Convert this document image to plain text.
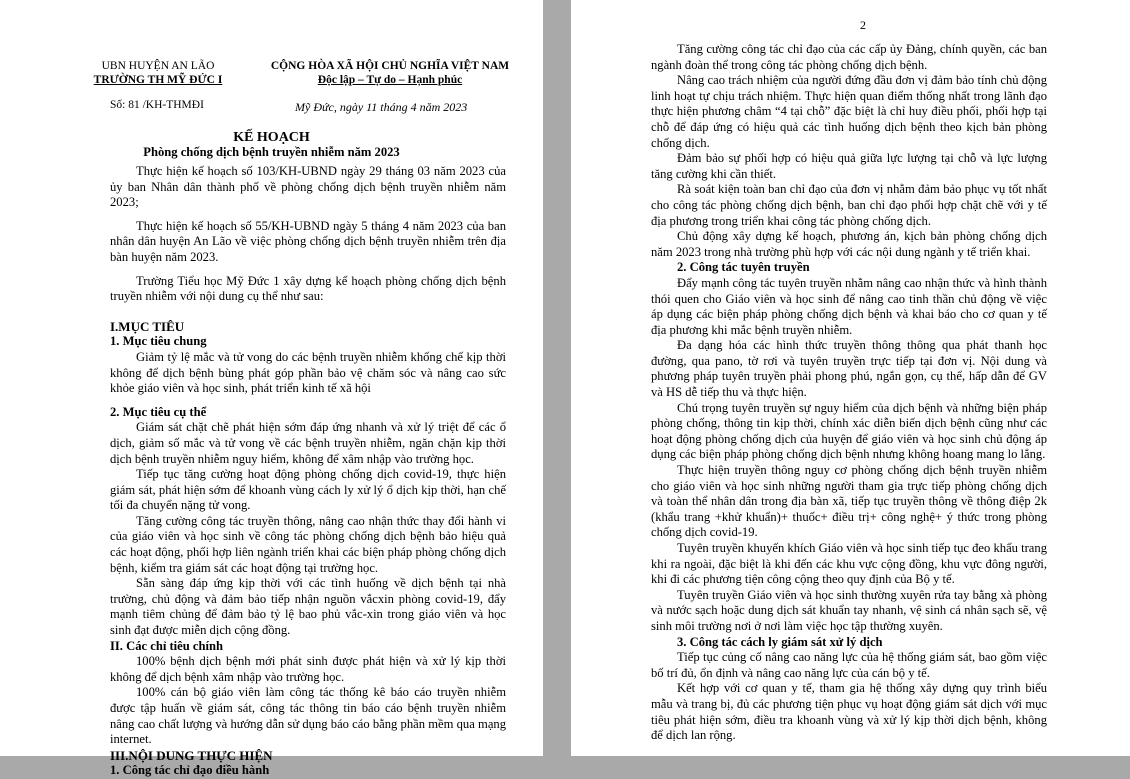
UBN HUYỆN AN LÃO
TRƯỜNG TH MỸ ĐỨC I
Số: 81 /KH-THMĐI
CỘNG HÒA XÃ HỘI CHỦ NGHĨA VIỆT NAM
Độc lập – Tự do – Hạnh phúc
Mỹ Đức, ngày 11 tháng 4 năm 2023
KẾ HOẠCH
Phòng chống dịch bệnh truyền nhiễm năm 2023

Thực hiện kế hoạch số 103/KH-UBND ngày 29 tháng 03 năm 2023 của ủy ban Nhân dân thành phố về phòng chống dịch bệnh truyền nhiễm năm 2023;

Thực hiện kế hoạch số 55/KH-UBND ngày 5 tháng 4 năm 2023 của ban nhân dân huyện An Lão về việc phòng chống dịch bệnh truyền nhiễm trên địa bàn huyện năm 2023.

Trường Tiểu học Mỹ Đức 1 xây dựng kế hoạch phòng chống dịch bệnh truyền nhiễm với nội dung cụ thể như sau:

I.MỤC TIÊU

1. Mục tiêu chung

Giảm tỷ lệ mắc và tử vong do các bệnh truyền nhiễm khống chế kịp thời không để dịch bệnh bùng phát góp phần bảo vệ chăm sóc và nâng cao sức khỏe giáo viên và học sinh, phát triển kinh tế xã hội

2. Mục tiêu cụ thể

Giám sát chặt chẽ phát hiện sớm đáp ứng nhanh và xử lý triệt để các ổ dịch, giảm số mắc và tử vong về các bệnh truyền nhiễm, ngăn chặn kịp thời dịch bệnh truyền nhiễm nguy hiểm, không để xâm nhập vào trường học.

Tiếp tục tăng cường hoạt động phòng chống dịch covid-19, thực hiện giám sát, phát hiện sớm để khoanh vùng cách ly xử lý ổ dịch kịp thời, hạn chế tối đa chuyển nặng tử vong.

Tăng cường công tác truyền thông, nâng cao nhận thức thay đổi hành vi của giáo viên và học sinh về công tác phòng chống dịch bệnh bảo hiệu quả các hoạt động, phối hợp liên ngành triển khai các biện pháp phòng chống dịch bệnh, kiểm tra giám sát các hoạt động tại trường học.

Sẵn sàng đáp ứng kịp thời với các tình huống về dịch bệnh tại nhà trường, chủ động và đảm bảo tiếp nhận nguồn vắcxin phòng covid-19, đẩy mạnh tiêm chủng để đảm bảo tỷ lệ bao phủ vắc-xin trong giáo viên và học sinh đạt được miễn dịch cộng đồng.

II. Các chỉ tiêu chính

100% bệnh dịch bệnh mới phát sinh được phát hiện và xử lý kịp thời không để dịch bệnh xâm nhập vào trường học.

100% cán bộ giáo viên làm công tác thống kê báo cáo truyền nhiễm được tập huấn về giám sát, công tác thông tin báo cáo bệnh truyền nhiễm nâng cao chất lượng và hướng dẫn sử dụng báo cáo bằng phần mềm qua mạng internet.

III.NỘI DUNG THỰC HIỆN

1. Công tác chỉ đạo điều hành

2

Tăng cường công tác chỉ đạo của các cấp ủy Đảng, chính quyền, các ban ngành đoàn thể trong công tác phòng chống dịch bệnh.

Nâng cao trách nhiệm của người đứng đầu đơn vị đảm bảo tính chủ động linh hoạt tự chịu trách nhiệm. Thực hiện quan điểm thống nhất trong lãnh đạo thực hiện phương châm “4 tại chỗ” đặc biệt là chỉ huy điều phối, phối hợp tại chỗ để đáp ứng có hiệu quả các tình huống dịch bệnh theo kịch bản phòng chống dịch.

Đảm bảo sự phối hợp có hiệu quả giữa lực lượng tại chỗ và lực lượng tăng cường khi cần thiết.

Rà soát kiện toàn ban chỉ đạo của đơn vị nhằm đảm bảo phục vụ tốt nhất cho công tác phòng chống dịch bệnh, ban chỉ đạo phối hợp chặt chẽ với y tế địa phương trong triển khai công tác phòng chống dịch.

Chủ động xây dựng kế hoạch, phương án, kịch bản phòng chống dịch năm 2023 trong nhà trường phù hợp với các nội dung ngành y tế triển khai.

2. Công tác tuyên truyền

Đẩy mạnh công tác tuyên truyền nhằm nâng cao nhận thức và hình thành thói quen cho Giáo viên và học sinh để nâng cao tinh thần chủ động về việc áp dụng các biện pháp phòng chống dịch bệnh và khai báo cho cơ quan y tế địa phương khi mắc bệnh truyền nhiễm.

Đa dạng hóa các hình thức truyền thông thông qua phát thanh học đường, qua pano, tờ rơi và tuyên truyền trực tiếp tại đơn vị. Nội dung và phương pháp tuyên truyền phải phong phú, ngắn gọn, cụ thể, hấp dẫn để GV và HS dễ tiếp thu và thực hiện.

Chú trọng tuyên truyền sự nguy hiểm của dịch bệnh và những biện pháp phòng chống, thông tin kịp thời, chính xác diễn biến dịch bệnh cũng như các hoạt động phòng chống dịch của huyện để giáo viên và học sinh chủ động áp dụng các biện pháp phòng chống dịch bệnh nhưng không hoang mang lo lắng.

Thực hiện truyền thông nguy cơ phòng chống dịch bệnh truyền nhiễm cho giáo viên và học sinh những người tham gia trực tiếp phòng chống dịch và toàn thể nhân dân trong địa bàn xã, tiếp tục truyền thông về thông điệp 2k (khẩu trang +khử khuẩn)+ thuốc+ điều trị+ công nghệ+ ý thức trong phòng chống dịch covid-19.

Tuyên truyền khuyến khích Giáo viên và học sinh tiếp tục đeo khẩu trang khi ra ngoài, đặc biệt là khi đến các khu vực cộng đồng, khu vực đông người, khi đi các phương tiện công cộng theo quy định của Bộ y tế.

Tuyên truyền Giáo viên và học sinh thường xuyên rửa tay bằng xà phòng và nước sạch hoặc dung dịch sát khuẩn tay nhanh, vệ sinh cá nhân sạch sẽ, vệ sinh môi trường nơi ở nơi làm việc học tập thường xuyên.

3. Công tác cách ly giám sát xử lý dịch

Tiếp tục củng cố nâng cao năng lực của hệ thống giám sát, bao gồm việc bố trí đủ, ổn định và nâng cao năng lực của cán bộ y tế.

Kết hợp với cơ quan y tế, tham gia hệ thống xây dựng quy trình biểu mẫu và trang bị, đủ các phương tiện phục vụ hoạt động giám sát dịch với mục tiêu phát hiện sớm, điều tra khoanh vùng và xử lý kịp thời dịch bệnh, không để dịch lan rộng.
